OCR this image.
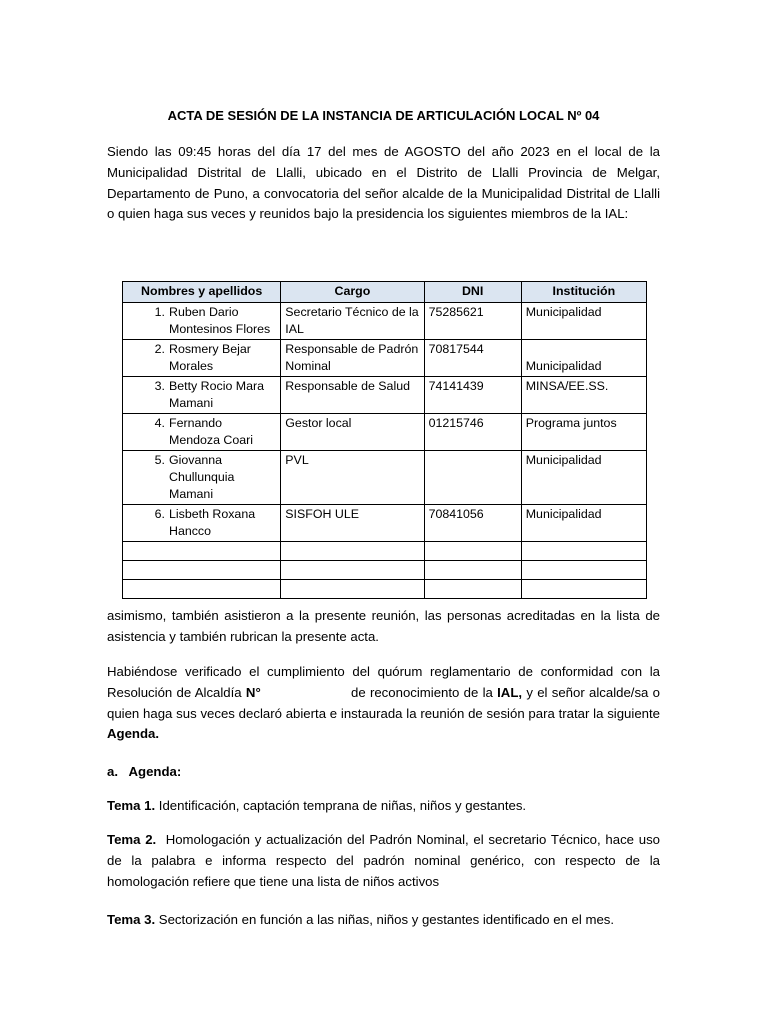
ACTA DE SESIÓN DE LA INSTANCIA DE ARTICULACIÓN LOCAL Nº 04

Siendo las 09:45 horas del día 17 del mes de AGOSTO del año 2023 en el local de la Municipalidad Distrital de Llalli, ubicado en el Distrito de Llalli Provincia de Melgar, Departamento de Puno, a convocatoria del señor alcalde de la Municipalidad Distrital de Llalli o quien haga sus veces y reunidos bajo la presidencia los siguientes miembros de la IAL:

Nombres y apellidos	Cargo	DNI	Institución

1. Ruben Dario Montesinos Flores	Secretario Técnico de la IAL	75285621	Municipalidad

2. Rosmery Bejar Morales	Responsable de Padrón Nominal	70817544	Municipalidad

3. Betty Rocio Mara Mamani	Responsable de Salud	74141439	MINSA/EE.SS.

4. Fernando Mendoza Coari	Gestor local	01215746	Programa juntos

5. Giovanna Chullunquia Mamani	PVL		Municipalidad

6. Lisbeth Roxana Hancco	SISFOH ULE	70841056	Municipalidad

asimismo, también asistieron a la presente reunión, las personas acreditadas en la lista de asistencia y también rubrican la presente acta.

Habiéndose verificado el cumplimiento del quórum reglamentario de conformidad con la Resolución de Alcaldía N°	de reconocimiento de la IAL, y el señor alcalde/sa o quien haga sus veces declaró abierta e instaurada la reunión de sesión para tratar la siguiente Agenda.

a.   Agenda:

Tema 1. Identificación, captación temprana de niñas, niños y gestantes.

Tema 2.  Homologación y actualización del Padrón Nominal, el secretario Técnico, hace uso de la palabra e informa respecto del padrón nominal genérico, con respecto de la homologación refiere que tiene una lista de niños activos

Tema 3. Sectorización en función a las niñas, niños y gestantes identificado en el mes.
